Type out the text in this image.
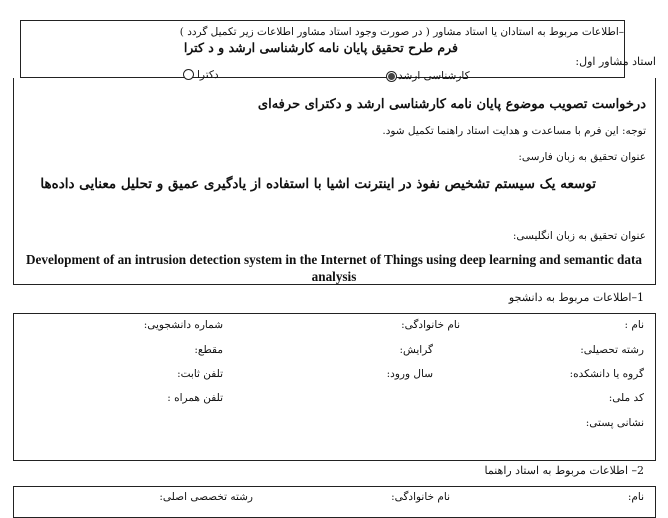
–اطلاعات مربوط به استادان یا استاد مشاور ( در صورت وجود استاد مشاور اطلاعات زیر تکمیل گردد )
فرم طرح تحقیق پایان نامه کارشناسی ارشد و د کترا
استاد مشاور اول:
کارشناسی ارشد
دکترا
درخواست تصویب موضوع پایان نامه کارشناسی ارشد و دکترای حرفه‌ای
توجه: این فرم با مساعدت و هدایت استاد راهنما تکمیل شود.
عنوان تحقیق به زبان فارسی:
توسعه یک سیستم تشخیص نفوذ در اینترنت اشیا با استفاده از یادگیری عمیق و تحلیل معنایی داده‌ها
عنوان تحقیق به زبان انگلیسی:
Development of an intrusion detection system in the Internet of Things using deep learning and semantic data analysis
1–اطلاعات مربوط به دانشجو
نام :
نام خانوادگی:
شماره دانشجویی:
رشته تحصیلی:
گرایش:
مقطع:
گروه یا دانشکده:
سال ورود:
تلفن ثابت:
کد ملی:
تلفن همراه :
نشانی پستی:
2– اطلاعات مربوط به استاد راهنما
نام:
نام خانوادگی:
رشته تخصصی اصلی:
